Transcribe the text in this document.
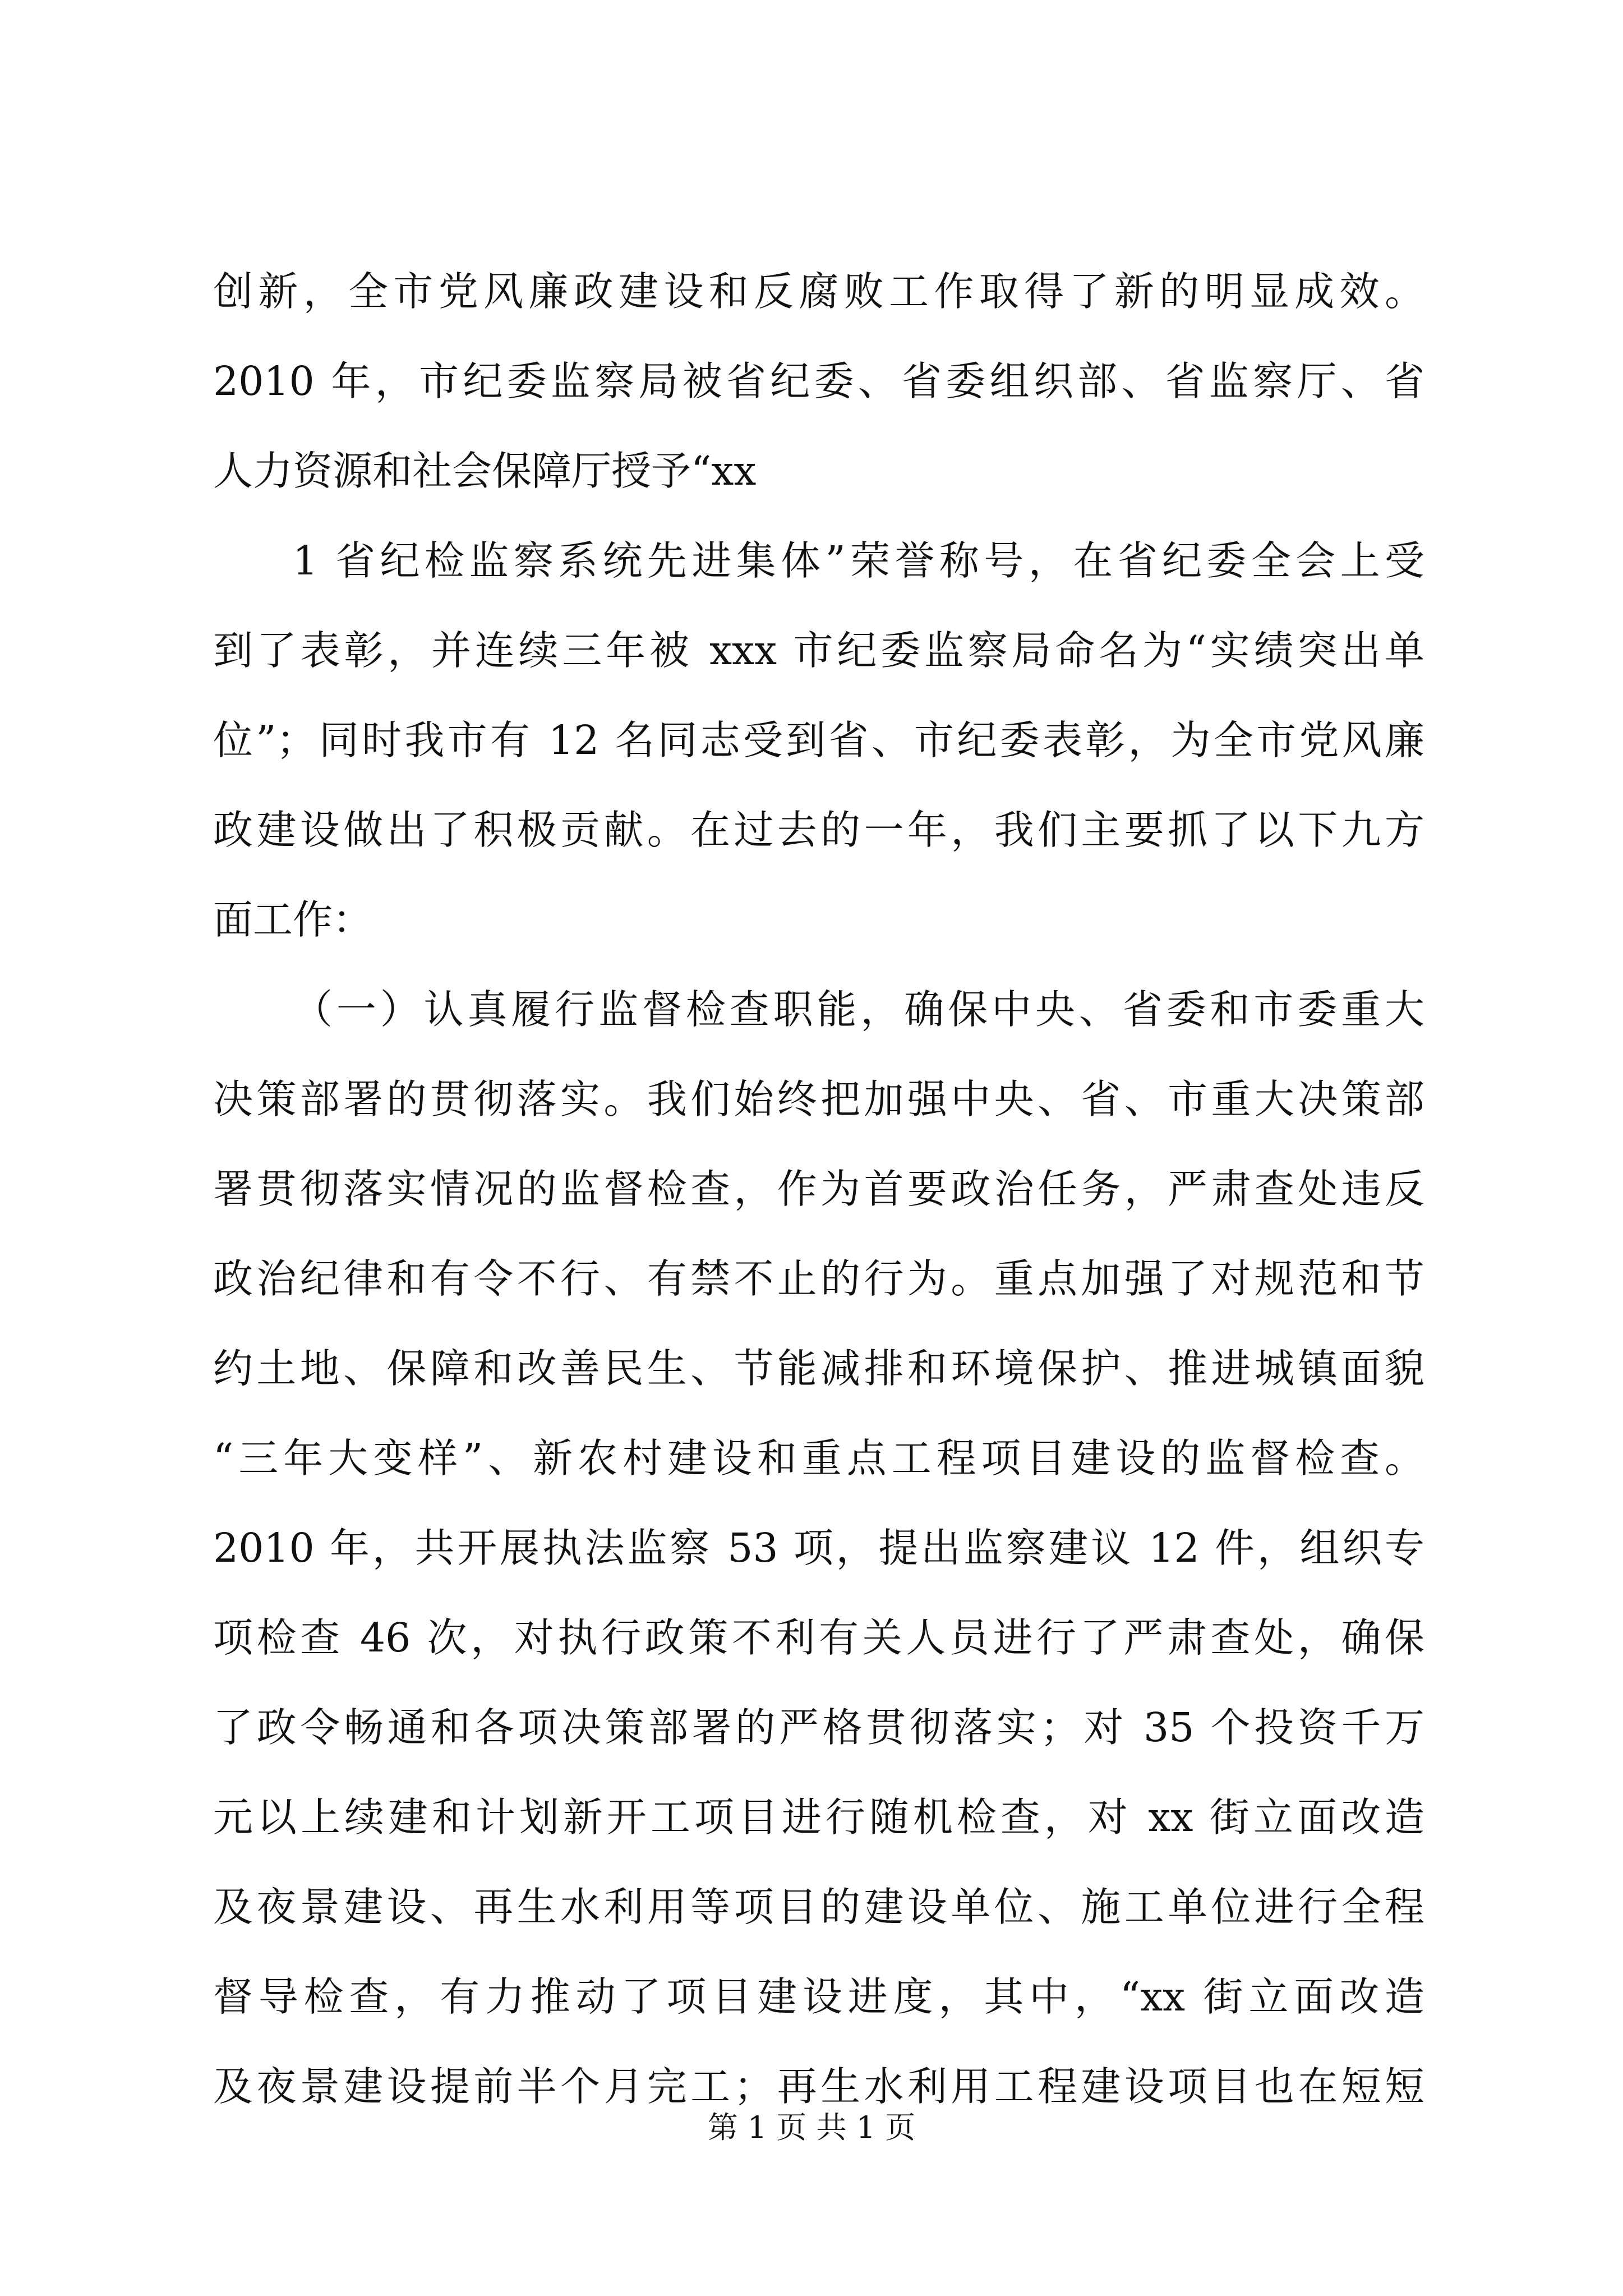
创新，全市党风廉政建设和反腐败工作取得了新的明显成效。
2010 年，市纪委监察局被省纪委、省委组织部、省监察厅、省
人力资源和社会保障厅授予“xx
1 省纪检监察系统先进集体”荣誉称号，在省纪委全会上受
到了表彰，并连续三年被 xxx 市纪委监察局命名为“实绩突出单
位”；同时我市有 12 名同志受到省、市纪委表彰，为全市党风廉
政建设做出了积极贡献。在过去的一年，我们主要抓了以下九方
面工作：
（一）认真履行监督检查职能，确保中央、省委和市委重大
决策部署的贯彻落实。我们始终把加强中央、省、市重大决策部
署贯彻落实情况的监督检查，作为首要政治任务，严肃查处违反
政治纪律和有令不行、有禁不止的行为。重点加强了对规范和节
约土地、保障和改善民生、节能减排和环境保护、推进城镇面貌
“三年大变样”、新农村建设和重点工程项目建设的监督检查。
2010 年，共开展执法监察 53 项，提出监察建议 12 件，组织专
项检查 46 次，对执行政策不利有关人员进行了严肃查处，确保
了政令畅通和各项决策部署的严格贯彻落实；对 35 个投资千万
元以上续建和计划新开工项目进行随机检查，对 xx 街立面改造
及夜景建设、再生水利用等项目的建设单位、施工单位进行全程
督导检查，有力推动了项目建设进度，其中，“xx 街立面改造
及夜景建设提前半个月完工；再生水利用工程建设项目也在短短
第 1 页 共 1 页
